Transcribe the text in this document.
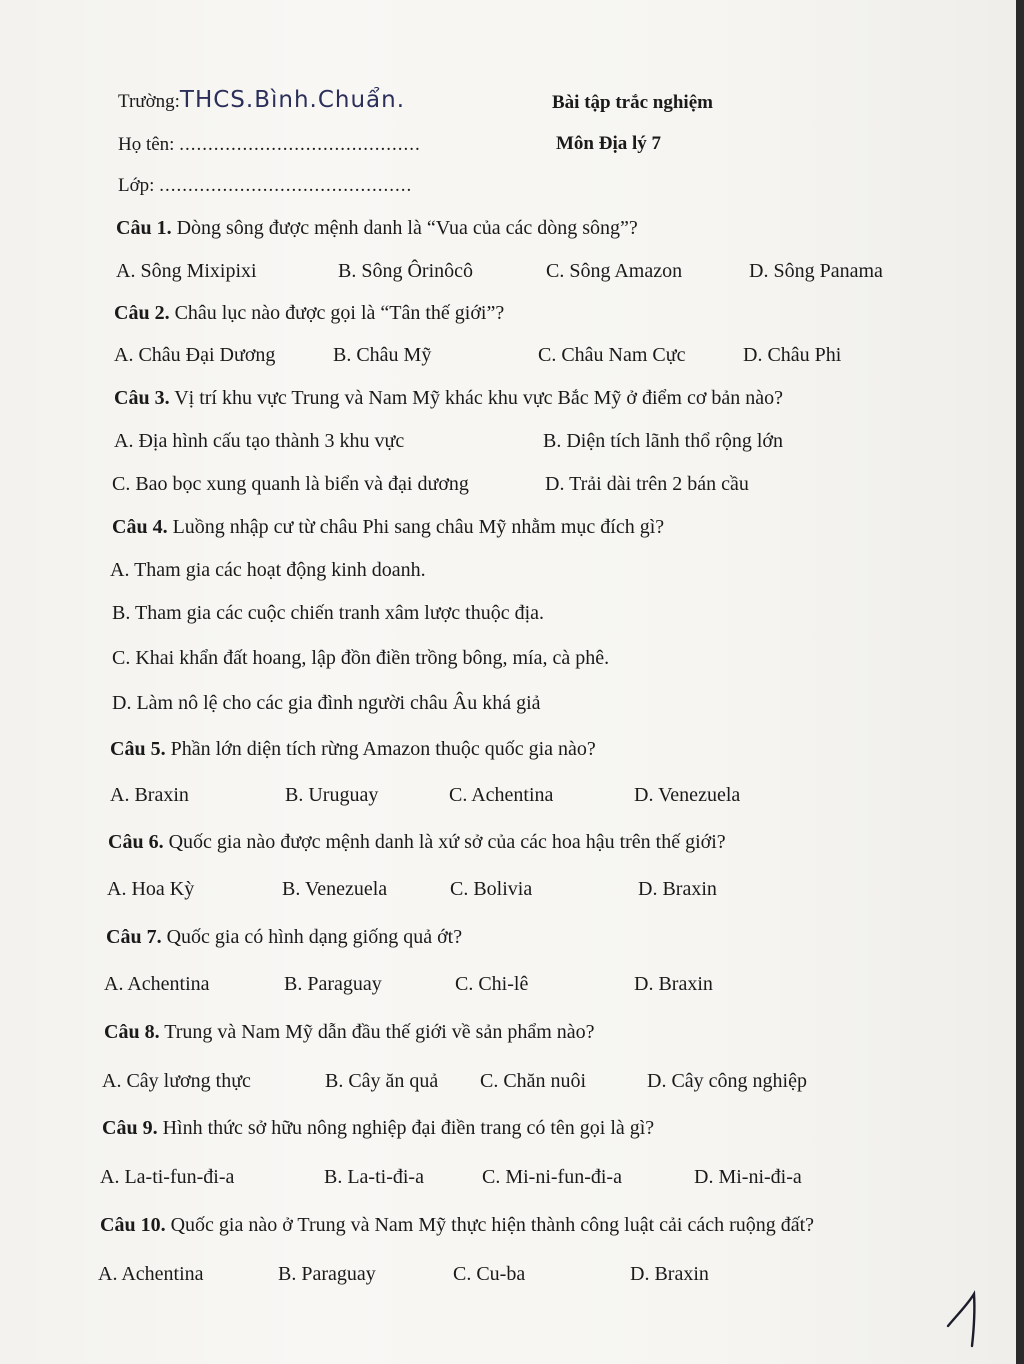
Trường:THCS.Bình.Chuẩn.	Bài tập trắc nghiệm
Họ tên: ..........................................	Môn Địa lý 7
Lớp: ............................................
Câu 1. Dòng sông được mệnh danh là “Vua của các dòng sông”?
A. Sông Mixipixi	B. Sông Ôrinôcô	C. Sông Amazon	D. Sông Panama
Câu 2. Châu lục nào được gọi là “Tân thế giới”?
A. Châu Đại Dương	B. Châu Mỹ	C. Châu Nam Cực	D. Châu Phi
Câu 3. Vị trí khu vực Trung và Nam Mỹ khác khu vực Bắc Mỹ ở điểm cơ bản nào?
A. Địa hình cấu tạo thành 3 khu vực	B. Diện tích lãnh thổ rộng lớn
C. Bao bọc xung quanh là biển và đại dương	D. Trải dài trên 2 bán cầu
Câu 4. Luồng nhập cư từ châu Phi sang châu Mỹ nhằm mục đích gì?
A. Tham gia các hoạt động kinh doanh.
B. Tham gia các cuộc chiến tranh xâm lược thuộc địa.
C. Khai khẩn đất hoang, lập đồn điền trồng bông, mía, cà phê.
D. Làm nô lệ cho các gia đình người châu Âu khá giả
Câu 5. Phần lớn diện tích rừng Amazon thuộc quốc gia nào?
A. Braxin	B. Uruguay	C. Achentina	D. Venezuela
Câu 6. Quốc gia nào được mệnh danh là xứ sở của các hoa hậu trên thế giới?
A. Hoa Kỳ	B. Venezuela	C. Bolivia	D. Braxin
Câu 7. Quốc gia có hình dạng giống quả ớt?
A. Achentina	B. Paraguay	C. Chi-lê	D. Braxin
Câu 8. Trung và Nam Mỹ dẫn đầu thế giới về sản phẩm nào?
A. Cây lương thực	B. Cây ăn quả C. Chăn nuôi	D. Cây công nghiệp
Câu 9. Hình thức sở hữu nông nghiệp đại điền trang có tên gọi là gì?
A. La-ti-fun-đi-a	B. La-ti-đi-a	C. Mi-ni-fun-đi-a	D. Mi-ni-đi-a
Câu 10. Quốc gia nào ở Trung và Nam Mỹ thực hiện thành công luật cải cách ruộng đất?
A. Achentina	B. Paraguay	C. Cu-ba	D. Braxin
